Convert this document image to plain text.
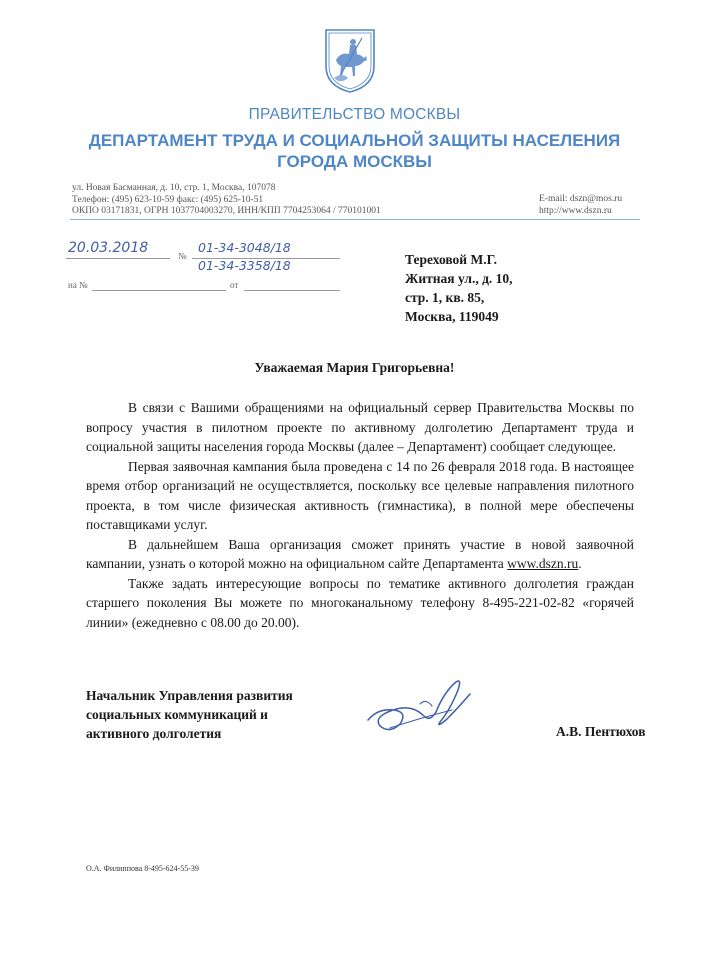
ПРАВИТЕЛЬСТВО МОСКВЫ
ДЕПАРТАМЕНТ ТРУДА И СОЦИАЛЬНОЙ ЗАЩИТЫ НАСЕЛЕНИЯ
ГОРОДА МОСКВЫ
ул. Новая Басманная, д. 10, стр. 1, Москва, 107078
Телефон: (495) 623-10-59 факс: (495) 625-10-51
ОКПО 03171831, ОГРН 1037704003270, ИНН/КПП 7704253064 / 770101001
E-mail: dszn@mos.ru
http://www.dszn.ru
20.03.2018	№
01-34-3048/18
01-34-3358/18
на №	от
Тереховой М.Г.
Житная ул., д. 10,
стр. 1, кв. 85,
Москва, 119049
Уважаемая Мария Григорьевна!

В связи с Вашими обращениями на официальный сервер Правительства Москвы по вопросу участия в пилотном проекте по активному долголетию Департамент труда и социальной защиты населения города Москвы (далее – Департамент) сообщает следующее.

Первая заявочная кампания была проведена с 14 по 26 февраля 2018 года. В настоящее время отбор организаций не осуществляется, поскольку все целевые направления пилотного проекта, в том числе физическая активность (гимнастика), в полной мере обеспечены поставщиками услуг.

В дальнейшем Ваша организация сможет принять участие в новой заявочной кампании, узнать о которой можно на официальном сайте Департамента www.dszn.ru.

Также задать интересующие вопросы по тематике активного долголетия граждан старшего поколения Вы можете по многоканальному телефону 8-495-221-02-82 «горячей линии» (ежедневно с 08.00 до 20.00).

Начальник Управления развития
социальных коммуникаций и
активного долголетия	А.В. Пентюхов
О.А. Филиппова 8-495-624-55-39
